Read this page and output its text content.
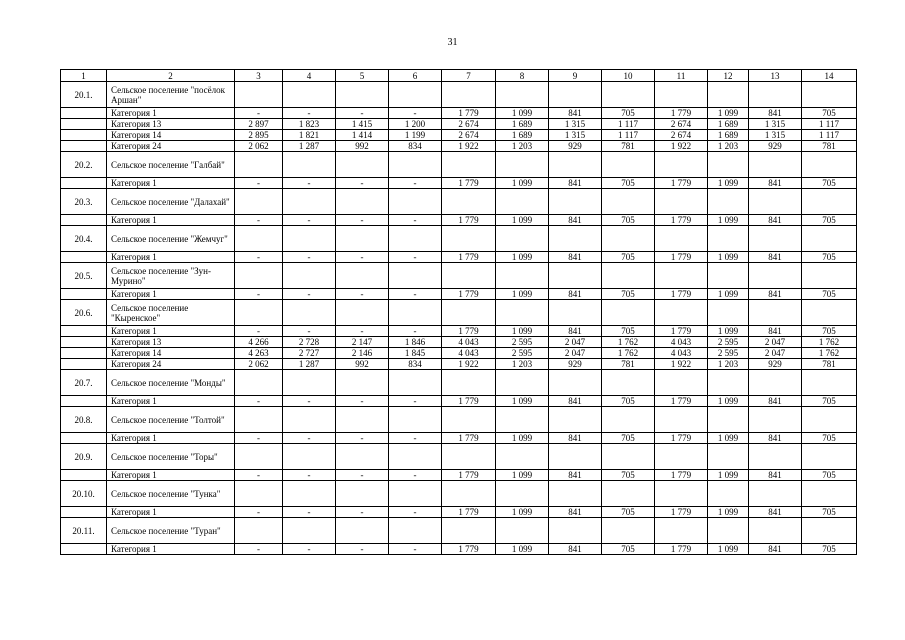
31
1	2	3	4	5	6	7	8	9	10	11	12	13	14
20.1.	Сельское поселение "посёлок Аршан"												
	Категория 1	-	-	-	-	1 779	1 099	841	705	1 779	1 099	841	705
	Категория 13	2 897	1 823	1 415	1 200	2 674	1 689	1 315	1 117	2 674	1 689	1 315	1 117
	Категория 14	2 895	1 821	1 414	1 199	2 674	1 689	1 315	1 117	2 674	1 689	1 315	1 117
	Категория 24	2 062	1 287	992	834	1 922	1 203	929	781	1 922	1 203	929	781
20.2.	Сельское поселение "Галбай"												
	Категория 1	-	-	-	-	1 779	1 099	841	705	1 779	1 099	841	705
20.3.	Сельское поселение "Далахай"												
	Категория 1	-	-	-	-	1 779	1 099	841	705	1 779	1 099	841	705
20.4.	Сельское поселение "Жемчуг"												
	Категория 1	-	-	-	-	1 779	1 099	841	705	1 779	1 099	841	705
20.5.	Сельское поселение "Зун-Мурино"												
	Категория 1	-	-	-	-	1 779	1 099	841	705	1 779	1 099	841	705
20.6.	Сельское поселение "Кыренское"												
	Категория 1	-	-	-	-	1 779	1 099	841	705	1 779	1 099	841	705
	Категория 13	4 266	2 728	2 147	1 846	4 043	2 595	2 047	1 762	4 043	2 595	2 047	1 762
	Категория 14	4 263	2 727	2 146	1 845	4 043	2 595	2 047	1 762	4 043	2 595	2 047	1 762
	Категория 24	2 062	1 287	992	834	1 922	1 203	929	781	1 922	1 203	929	781
20.7.	Сельское поселение "Монды"												
	Категория 1	-	-	-	-	1 779	1 099	841	705	1 779	1 099	841	705
20.8.	Сельское поселение "Толтой"												
	Категория 1	-	-	-	-	1 779	1 099	841	705	1 779	1 099	841	705
20.9.	Сельское поселение "Торы"												
	Категория 1	-	-	-	-	1 779	1 099	841	705	1 779	1 099	841	705
20.10.	Сельское поселение "Тунка"												
	Категория 1	-	-	-	-	1 779	1 099	841	705	1 779	1 099	841	705
20.11.	Сельское поселение "Туран"												
	Категория 1	-	-	-	-	1 779	1 099	841	705	1 779	1 099	841	705
